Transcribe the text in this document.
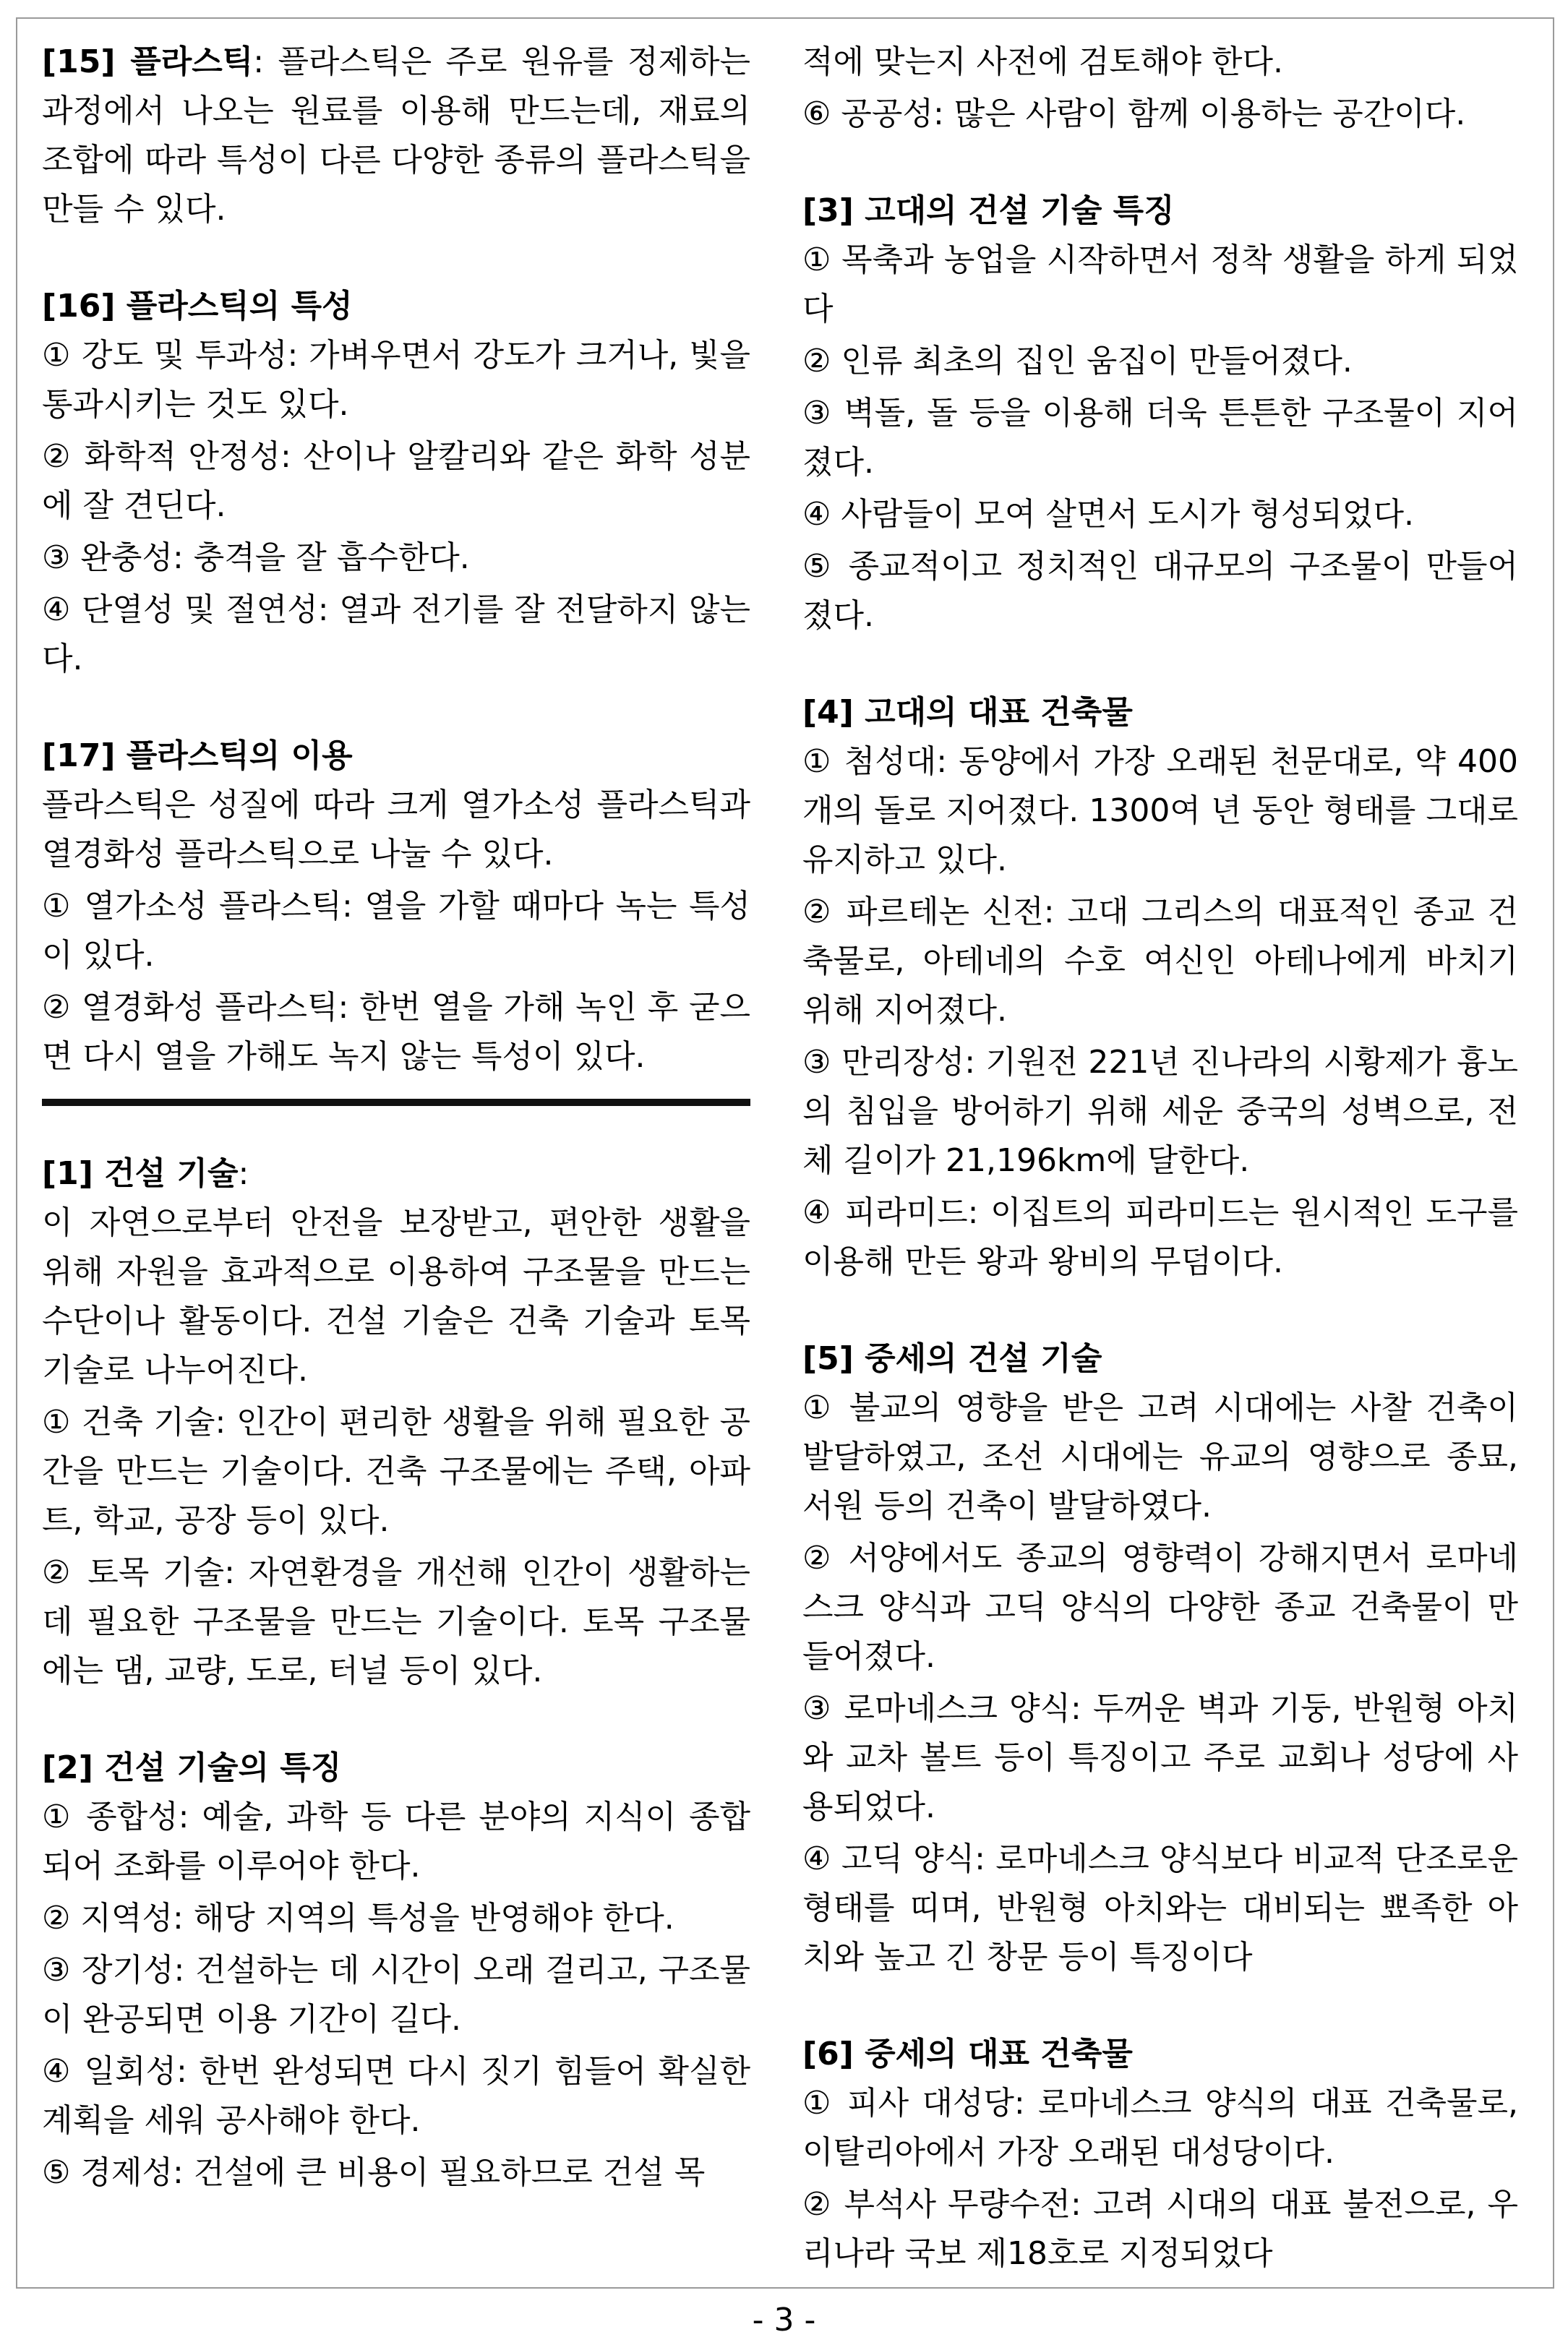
[15] 플라스틱: 플라스틱은 주로 원유를 정제하는 과정에서 나오는 원료를 이용해 만드는데, 재료의 조합에 따라 특성이 다른 다양한 종류의 플라스틱을 만들 수 있다.

[16] 플라스틱의 특성

① 강도 및 투과성: 가벼우면서 강도가 크거나, 빛을 통과시키는 것도 있다.

② 화학적 안정성: 산이나 알칼리와 같은 화학 성분에 잘 견딘다.

③ 완충성: 충격을 잘 흡수한다.

④ 단열성 및 절연성: 열과 전기를 잘 전달하지 않는다.

[17] 플라스틱의 이용

플라스틱은 성질에 따라 크게 열가소성 플라스틱과 열경화성 플라스틱으로 나눌 수 있다.

① 열가소성 플라스틱: 열을 가할 때마다 녹는 특성이 있다.

② 열경화성 플라스틱: 한번 열을 가해 녹인 후 굳으면 다시 열을 가해도 녹지 않는 특성이 있다.

[1] 건설 기술:

이 자연으로부터 안전을 보장받고, 편안한 생활을 위해 자원을 효과적으로 이용하여 구조물을 만드는 수단이나 활동이다. 건설 기술은 건축 기술과 토목 기술로 나누어진다.

① 건축 기술: 인간이 편리한 생활을 위해 필요한 공간을 만드는 기술이다. 건축 구조물에는 주택, 아파트, 학교, 공장 등이 있다.

② 토목 기술: 자연환경을 개선해 인간이 생활하는 데 필요한 구조물을 만드는 기술이다. 토목 구조물에는 댐, 교량, 도로, 터널 등이 있다.

[2] 건설 기술의 특징

① 종합성: 예술, 과학 등 다른 분야의 지식이 종합되어 조화를 이루어야 한다.

② 지역성: 해당 지역의 특성을 반영해야 한다.

③ 장기성: 건설하는 데 시간이 오래 걸리고, 구조물이 완공되면 이용 기간이 길다.

④ 일회성: 한번 완성되면 다시 짓기 힘들어 확실한 계획을 세워 공사해야 한다.

⑤ 경제성: 건설에 큰 비용이 필요하므로 건설 목

적에 맞는지 사전에 검토해야 한다.

⑥ 공공성: 많은 사람이 함께 이용하는 공간이다.

[3] 고대의 건설 기술 특징

① 목축과 농업을 시작하면서 정착 생활을 하게 되었다

② 인류 최초의 집인 움집이 만들어졌다.

③ 벽돌, 돌 등을 이용해 더욱 튼튼한 구조물이 지어졌다.

④ 사람들이 모여 살면서 도시가 형성되었다.

⑤ 종교적이고 정치적인 대규모의 구조물이 만들어졌다.

[4] 고대의 대표 건축물

① 첨성대: 동양에서 가장 오래된 천문대로, 약 400개의 돌로 지어졌다. 1300여 년 동안 형태를 그대로 유지하고 있다.

② 파르테논 신전: 고대 그리스의 대표적인 종교 건축물로, 아테네의 수호 여신인 아테나에게 바치기 위해 지어졌다.

③ 만리장성: 기원전 221년 진나라의 시황제가 흉노의 침입을 방어하기 위해 세운 중국의 성벽으로, 전체 길이가 21,196km에 달한다.

④ 피라미드: 이집트의 피라미드는 원시적인 도구를 이용해 만든 왕과 왕비의 무덤이다.

[5] 중세의 건설 기술

① 불교의 영향을 받은 고려 시대에는 사찰 건축이 발달하였고, 조선 시대에는 유교의 영향으로 종묘, 서원 등의 건축이 발달하였다.

② 서양에서도 종교의 영향력이 강해지면서 로마네스크 양식과 고딕 양식의 다양한 종교 건축물이 만들어졌다.

③ 로마네스크 양식: 두꺼운 벽과 기둥, 반원형 아치와 교차 볼트 등이 특징이고 주로 교회나 성당에 사용되었다.

④ 고딕 양식: 로마네스크 양식보다 비교적 단조로운 형태를 띠며, 반원형 아치와는 대비되는 뾰족한 아치와 높고 긴 창문 등이 특징이다

[6] 중세의 대표 건축물

① 피사 대성당: 로마네스크 양식의 대표 건축물로, 이탈리아에서 가장 오래된 대성당이다.

② 부석사 무량수전: 고려 시대의 대표 불전으로, 우리나라 국보 제18호로 지정되었다

- 3 -
